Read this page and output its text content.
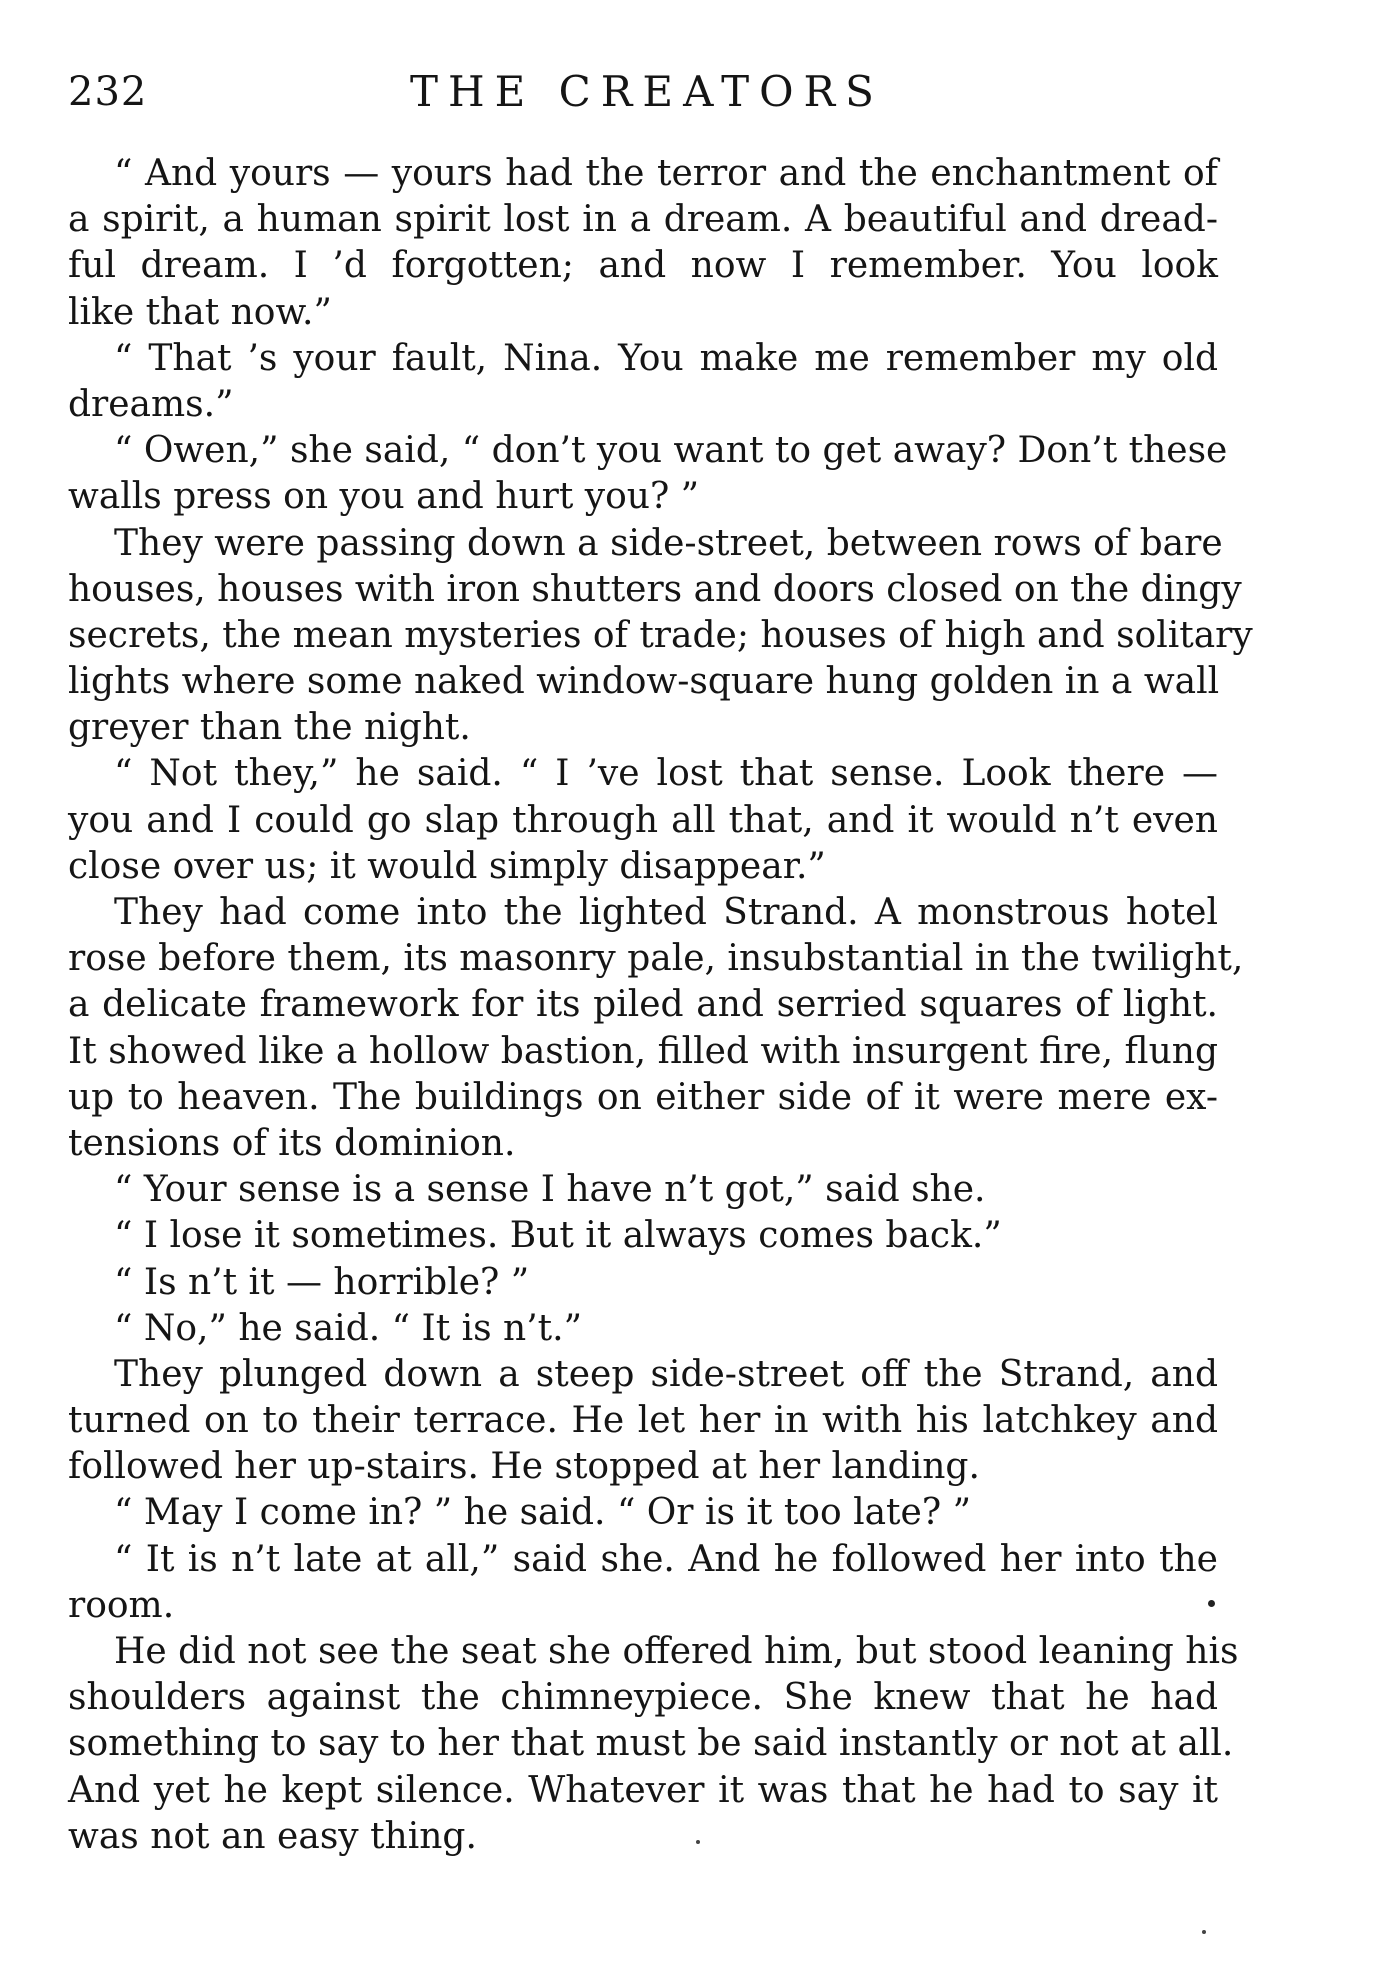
232	THE CREATORS
“ And yours — yours had the terror and the enchantment of
a spirit, a human spirit lost in a dream. A beautiful and dread-
ful dream. I ’d forgotten; and now I remember. You look
like that now.”
“ That ’s your fault, Nina. You make me remember my old
dreams.”
“ Owen,” she said, “ don’t you want to get away? Don’t these
walls press on you and hurt you? ”
They were passing down a side-street, between rows of bare
houses, houses with iron shutters and doors closed on the dingy
secrets, the mean mysteries of trade; houses of high and solitary
lights where some naked window-square hung golden in a wall
greyer than the night.
“ Not they,” he said. “ I ’ve lost that sense. Look there —
you and I could go slap through all that, and it would n’t even
close over us; it would simply disappear.”
They had come into the lighted Strand. A monstrous hotel
rose before them, its masonry pale, insubstantial in the twilight,
a delicate framework for its piled and serried squares of light.
It showed like a hollow bastion, filled with insurgent fire, flung
up to heaven. The buildings on either side of it were mere ex-
tensions of its dominion.
“ Your sense is a sense I have n’t got,” said she.
“ I lose it sometimes. But it always comes back.”
“ Is n’t it — horrible? ”
“ No,” he said. “ It is n’t.”
They plunged down a steep side-street off the Strand, and
turned on to their terrace. He let her in with his latchkey and
followed her up-stairs. He stopped at her landing.
“ May I come in? ” he said. “ Or is it too late? ”
“ It is n’t late at all,” said she. And he followed her into the
room.
He did not see the seat she offered him, but stood leaning his
shoulders against the chimneypiece. She knew that he had
something to say to her that must be said instantly or not at all.
And yet he kept silence. Whatever it was that he had to say it
was not an easy thing.
